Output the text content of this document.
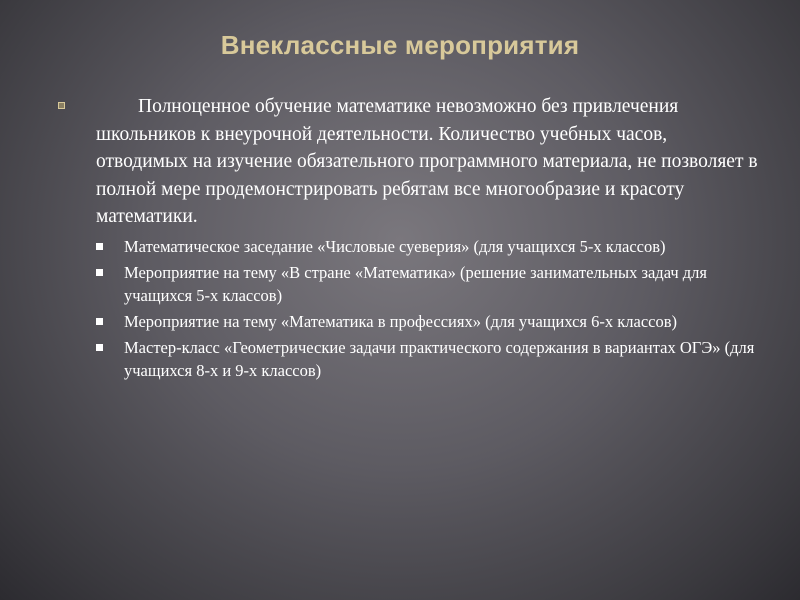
Внеклассные мероприятия
Полноценное обучение математике невозможно без привлечения школьников к внеурочной деятельности. Количество учебных часов, отводимых на изучение обязательного программного материала, не позволяет в полной мере продемонстрировать ребятам все многообразие и красоту математики.
Математическое заседание «Числовые суеверия» (для учащихся 5-х классов)
Мероприятие на тему «В стране «Математика» (решение занимательных задач для учащихся 5-х классов)
Мероприятие на тему «Математика в профессиях» (для учащихся 6-х классов)
Мастер-класс «Геометрические задачи практического содержания в вариантах ОГЭ» (для учащихся 8-х и 9-х классов)
